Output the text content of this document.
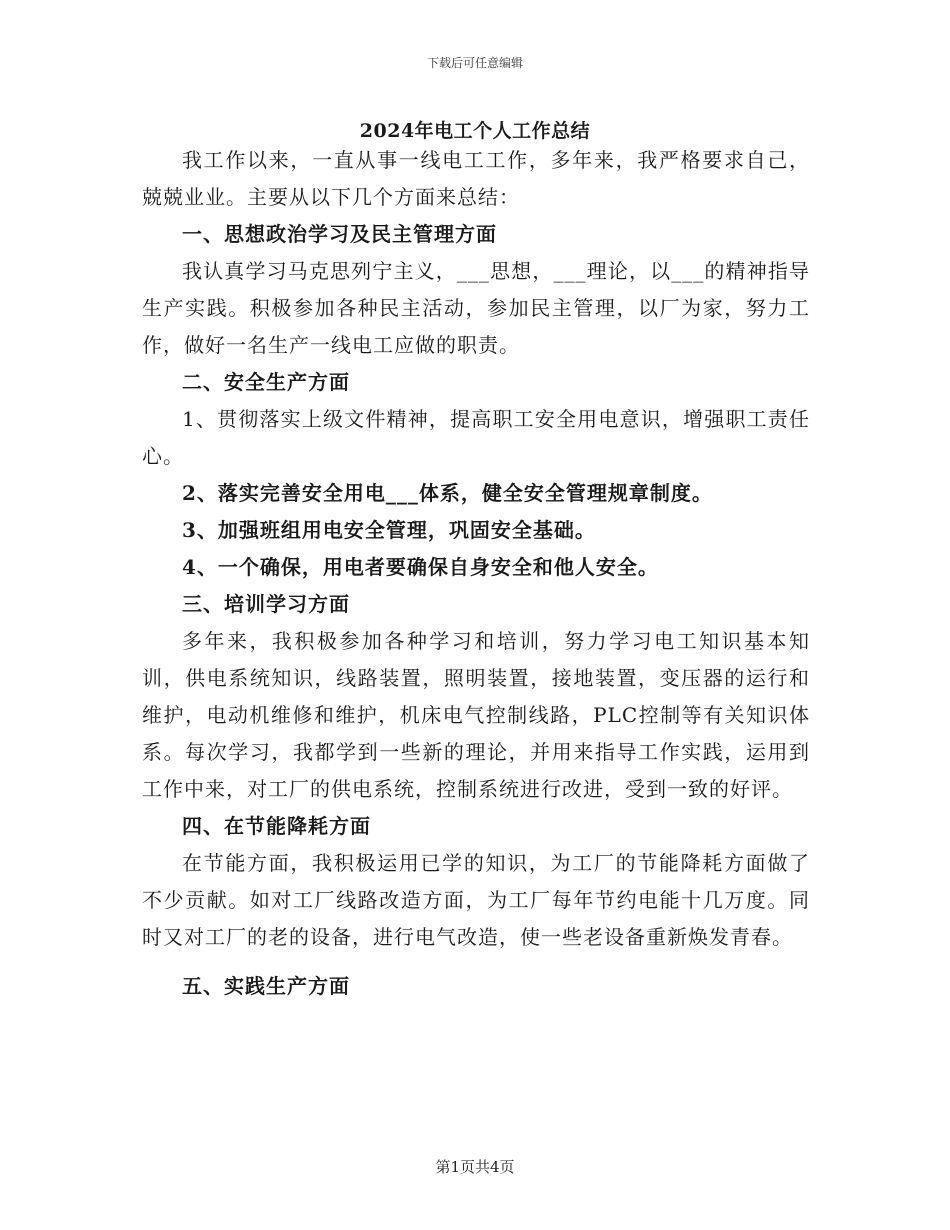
下载后可任意编辑
2024年电工个人工作总结

我工作以来，一直从事一线电工工作，多年来，我严格要求自己，兢兢业业。主要从以下几个方面来总结：

一、思想政治学习及民主管理方面

我认真学习马克思列宁主义，___思想，___理论，以___的精神指导生产实践。积极参加各种民主活动，参加民主管理，以厂为家，努力工作，做好一名生产一线电工应做的职责。

二、安全生产方面

1、贯彻落实上级文件精神，提高职工安全用电意识，增强职工责任心。

2、落实完善安全用电___体系，健全安全管理规章制度。

3、加强班组用电安全管理，巩固安全基础。

4、一个确保，用电者要确保自身安全和他人安全。

三、培训学习方面

多年来，我积极参加各种学习和培训，努力学习电工知识基本知训，供电系统知识，线路装置，照明装置，接地装置，变压器的运行和维护，电动机维修和维护，机床电气控制线路，PLC控制等有关知识体系。每次学习，我都学到一些新的理论，并用来指导工作实践，运用到工作中来，对工厂的供电系统，控制系统进行改进，受到一致的好评。

四、在节能降耗方面

在节能方面，我积极运用已学的知识，为工厂的节能降耗方面做了不少贡献。如对工厂线路改造方面，为工厂每年节约电能十几万度。同时又对工厂的老的设备，进行电气改造，使一些老设备重新焕发青春。

五、实践生产方面

第1页共4页
